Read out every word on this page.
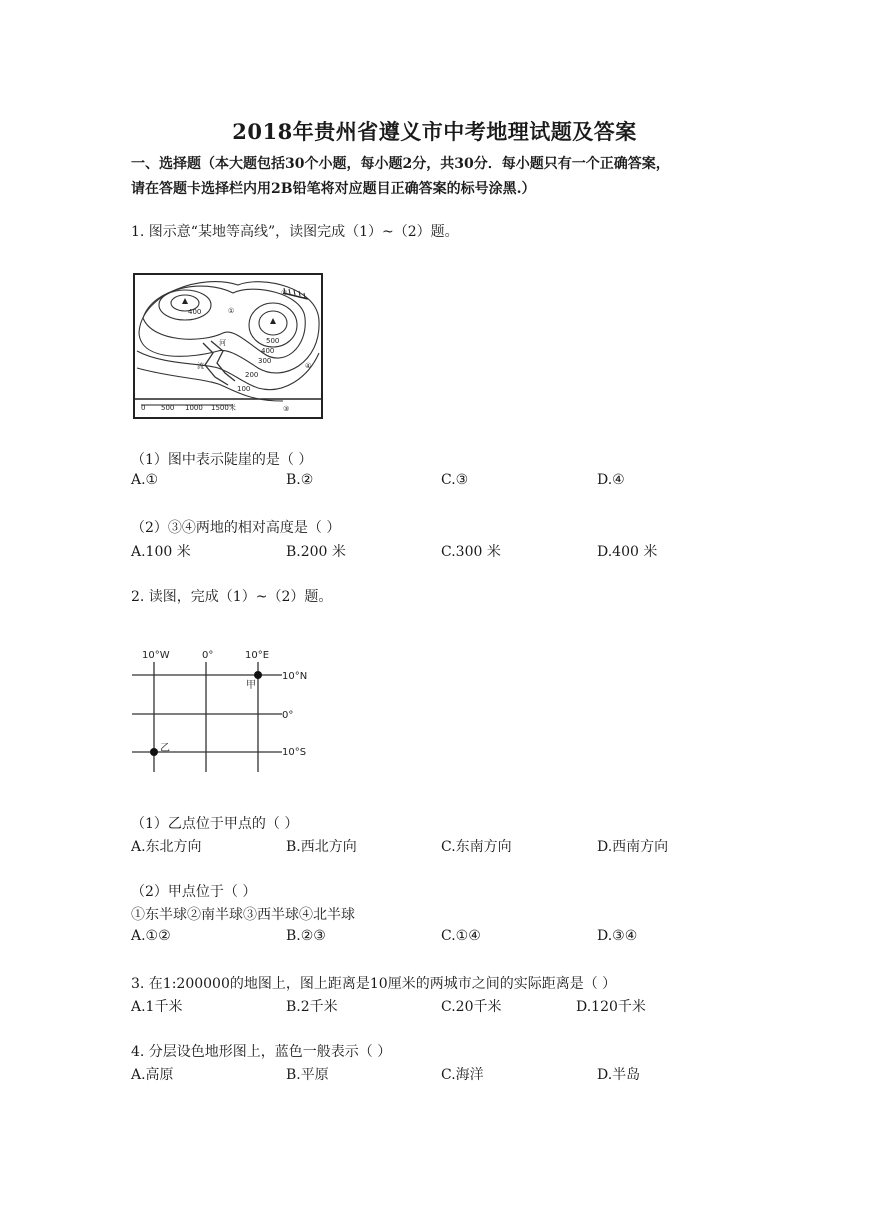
2018年贵州省遵义市中考地理试题及答案
一、选择题（本大题包括30个小题，每小题2分，共30分．每小题只有一个正确答案，
请在答题卡选择栏内用2B铅笔将对应题目正确答案的标号涂黑.）
1. 图示意“某地等高线”，读图完成（1）~（2）题。
400	①
②
③
④
500
400
300
200
100
河
流
0 500 1000 1500米
（1）图中表示陡崖的是（ ）
A.①	B.②	C.③	D.④
（2）③④两地的相对高度是（ ）
A.100 米	B.200 米	C.300 米	D.400 米
2. 读图，完成（1）~（2）题。
10°W	0°	10°E
10°N
0°
10°S
甲
乙
（1）乙点位于甲点的（ ）
A.东北方向	B.西北方向	C.东南方向	D.西南方向
（2）甲点位于（ ）
①东半球②南半球③西半球④北半球
A.①②	B.②③	C.①④	D.③④
3. 在1:200000的地图上，图上距离是10厘米的两城市之间的实际距离是（ ）
A.1千米	B.2千米	C.20千米	D.120千米
4. 分层设色地形图上，蓝色一般表示（ ）
A.高原	B.平原	C.海洋	D.半岛
